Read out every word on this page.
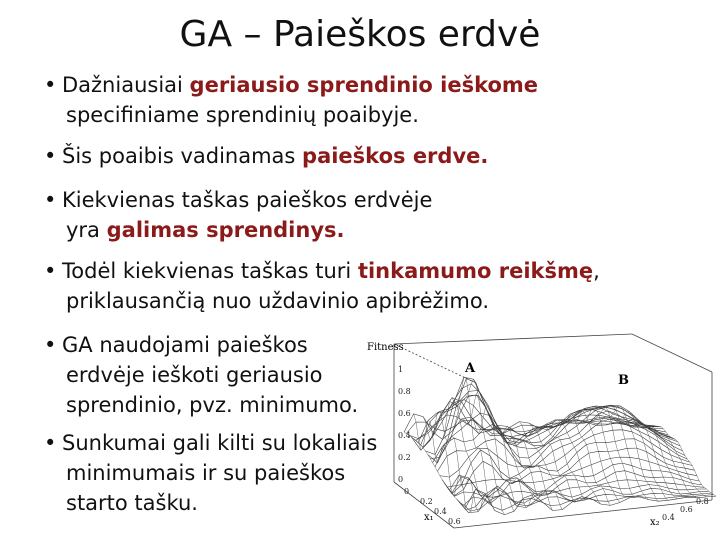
GA – Paieškos erdvė
• Dažniausiai geriausio sprendinio ieškome
specifiniame sprendinių poaibyje.
• Šis poaibis vadinamas paieškos erdve.
• Kiekvienas taškas paieškos erdvėje
yra galimas sprendinys.
• Todėl kiekvienas taškas turi tinkamumo reikšmę,
priklausančią nuo uždavinio apibrėžimo.
• GA naudojami paieškos
erdvėje ieškoti geriausio
sprendinio, pvz. minimumo.
• Sunkumai gali kilti su lokaliais
minimumais ir su paieškos
starto tašku.
Fitness
A
B
x₁	x₂
1
0.8
0.6
0.4
0.2
0
0
0.2
0.4
0.6
0.8
0.6
0.4
